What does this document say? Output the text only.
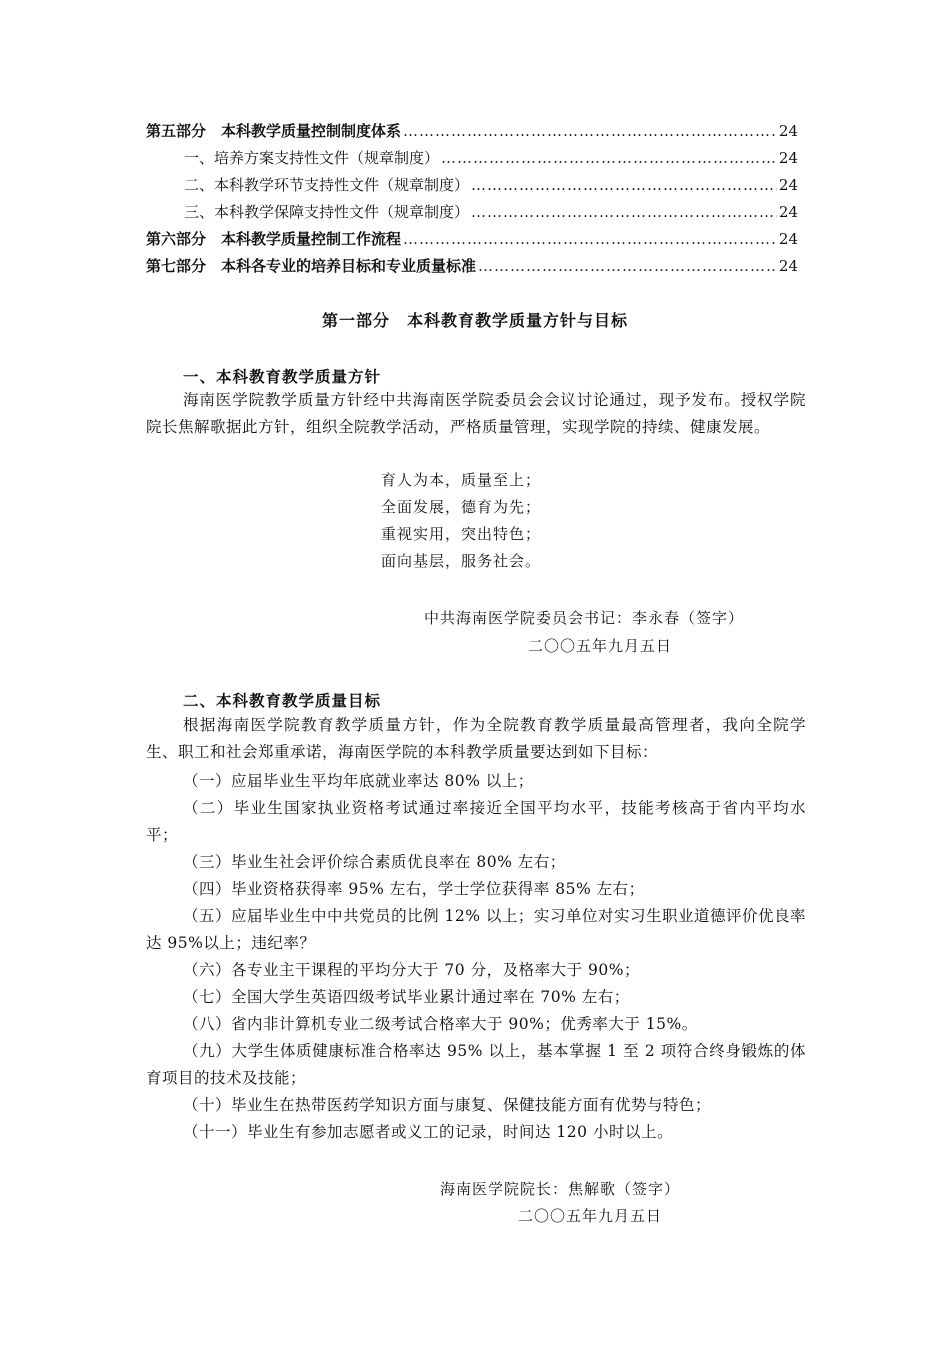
第五部分　本科教学质量控制制度体系 ………………………………………………………………………………………………………………………………………………………………	24
一、培养方案支持性文件（规章制度） ………………………………………………………………………………………………………………………………………………………………	24
二、本科教学环节支持性文件（规章制度） ………………………………………………………………………………………………………………………………………………………………	24
三、本科教学保障支持性文件（规章制度） ………………………………………………………………………………………………………………………………………………………………	24
第六部分　本科教学质量控制工作流程 ………………………………………………………………………………………………………………………………………………………………	24
第七部分　本科各专业的培养目标和专业质量标准 ………………………………………………………………………………………………………………………………………………………………	24
第一部分　本科教育教学质量方针与目标
一、本科教育教学质量方针
海南医学院教学质量方针经中共海南医学院委员会会议讨论通过，现予发布。授权学院院长焦解歌据此方针，组织全院教学活动，严格质量管理，实现学院的持续、健康发展。
育人为本，质量至上；
全面发展，德育为先；
重视实用，突出特色；
面向基层，服务社会。
中共海南医学院委员会书记：李永春（签字）
二〇〇五年九月五日
二、本科教育教学质量目标
根据海南医学院教育教学质量方针，作为全院教育教学质量最高管理者，我向全院学生、职工和社会郑重承诺，海南医学院的本科教学质量要达到如下目标：
（一）应届毕业生平均年底就业率达 80% 以上；
（二）毕业生国家执业资格考试通过率接近全国平均水平，技能考核高于省内平均水平；
（三）毕业生社会评价综合素质优良率在 80% 左右；
（四）毕业资格获得率 95% 左右，学士学位获得率 85% 左右；
（五）应届毕业生中中共党员的比例 12% 以上；实习单位对实习生职业道德评价优良率达 95%以上；违纪率？
（六）各专业主干课程的平均分大于 70 分，及格率大于 90%；
（七）全国大学生英语四级考试毕业累计通过率在 70% 左右；
（八）省内非计算机专业二级考试合格率大于 90%；优秀率大于 15%。
（九）大学生体质健康标准合格率达 95% 以上，基本掌握 1 至 2 项符合终身锻炼的体育项目的技术及技能；
（十）毕业生在热带医药学知识方面与康复、保健技能方面有优势与特色；
（十一）毕业生有参加志愿者或义工的记录，时间达 120 小时以上。
海南医学院院长：焦解歌（签字）
二〇〇五年九月五日
